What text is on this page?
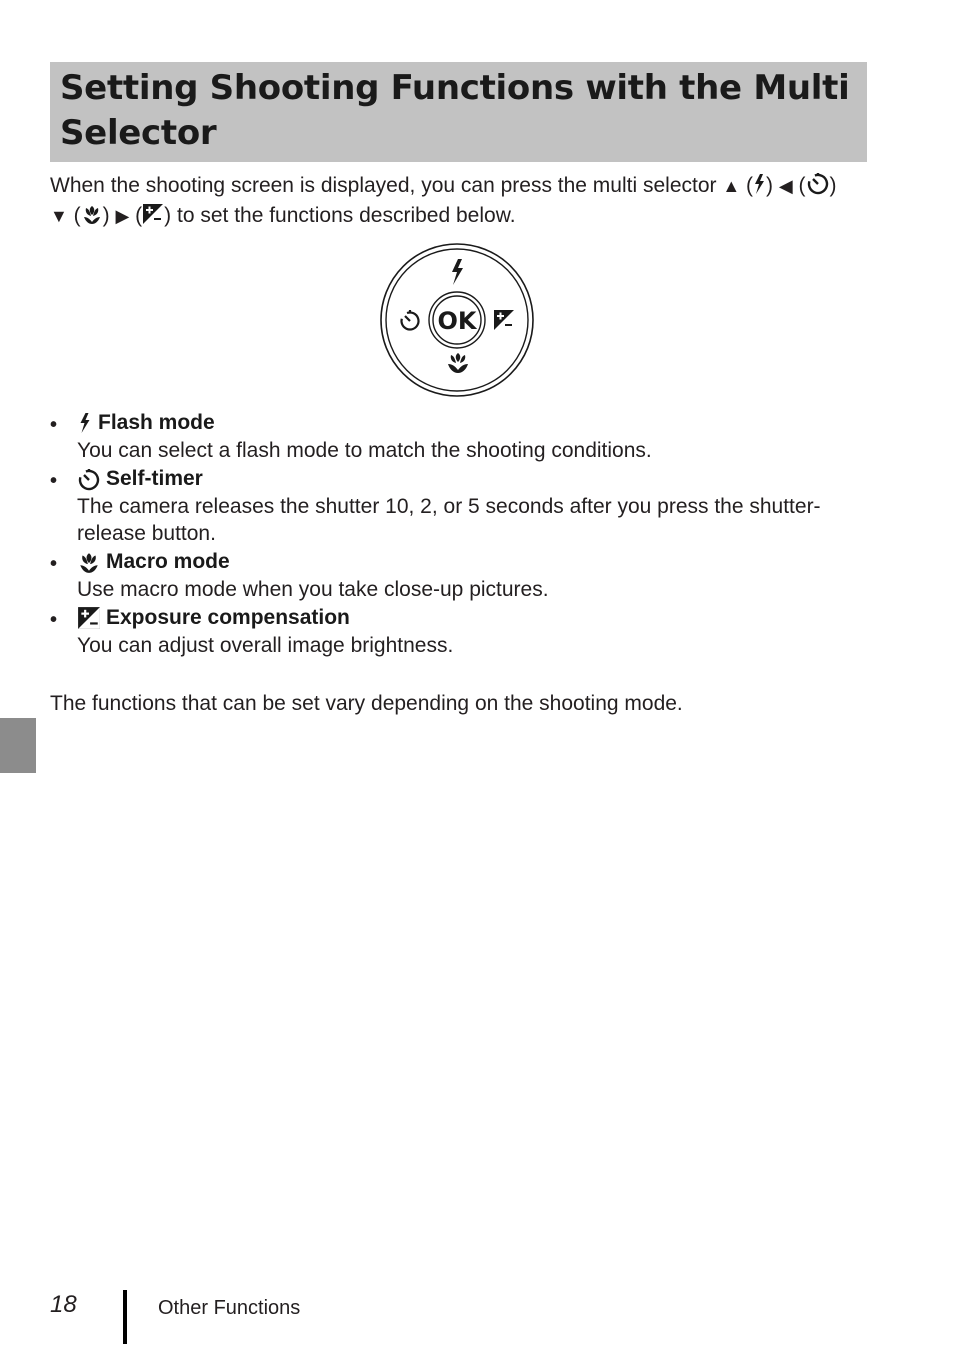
Setting Shooting Functions with the Multi Selector
When the shooting screen is displayed, you can press the multi selector ▲ ( ) ◀ ( )
▼ ( ) ▶ ( ) to set the functions described below.
OK
• Flash mode
You can select a flash mode to match the shooting conditions.
• Self-timer
The camera releases the shutter 10, 2, or 5 seconds after you press the shutter-release button.
• Macro mode
Use macro mode when you take close-up pictures.
• Exposure compensation
You can adjust overall image brightness.
The functions that can be set vary depending on the shooting mode.
18	Other Functions
